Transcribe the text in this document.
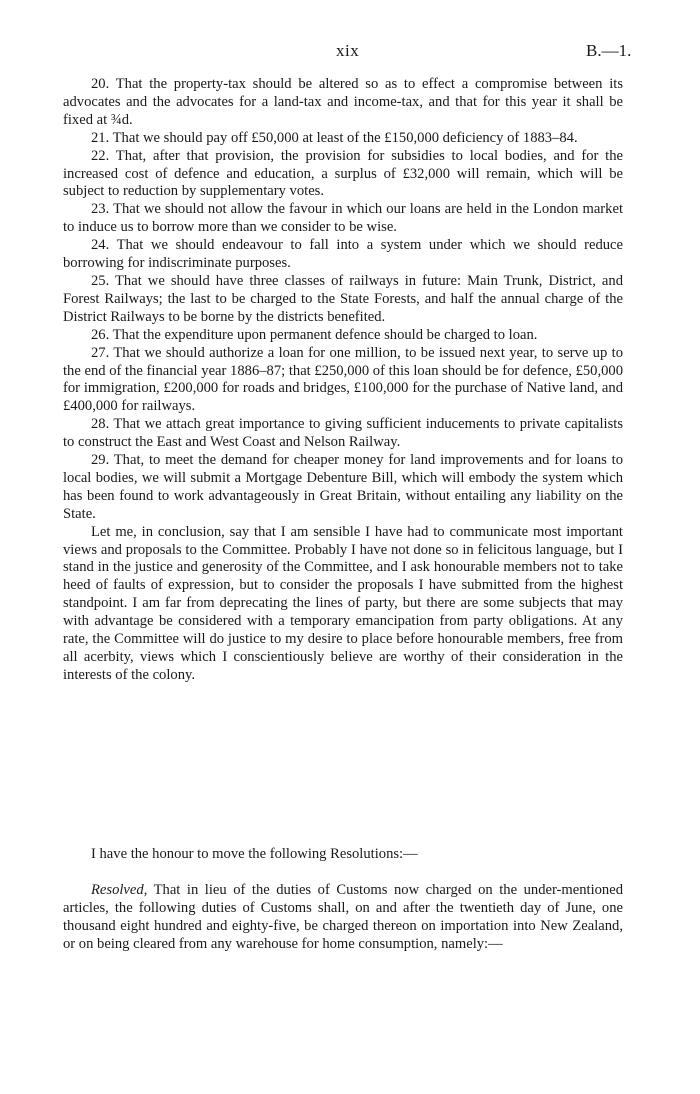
xix	B.—1.

20. That the property-tax should be altered so as to effect a compromise between its advocates and the advocates for a land-tax and income-tax, and that for this year it shall be fixed at ¾d.

21. That we should pay off £50,000 at least of the £150,000 deficiency of 1883–84.

22. That, after that provision, the provision for subsidies to local bodies, and for the increased cost of defence and education, a surplus of £32,000 will remain, which will be subject to reduction by supplementary votes.

23. That we should not allow the favour in which our loans are held in the London market to induce us to borrow more than we consider to be wise.

24. That we should endeavour to fall into a system under which we should reduce borrowing for indiscriminate purposes.

25. That we should have three classes of railways in future: Main Trunk, District, and Forest Railways; the last to be charged to the State Forests, and half the annual charge of the District Railways to be borne by the districts benefited.

26. That the expenditure upon permanent defence should be charged to loan.

27. That we should authorize a loan for one million, to be issued next year, to serve up to the end of the financial year 1886–87; that £250,000 of this loan should be for defence, £50,000 for immigration, £200,000 for roads and bridges, £100,000 for the purchase of Native land, and £400,000 for railways.

28. That we attach great importance to giving sufficient inducements to private capitalists to construct the East and West Coast and Nelson Railway.

29. That, to meet the demand for cheaper money for land improvements and for loans to local bodies, we will submit a Mortgage Debenture Bill, which will embody the system which has been found to work advantageously in Great Britain, without entailing any liability on the State.

Let me, in conclusion, say that I am sensible I have had to communicate most important views and proposals to the Committee. Probably I have not done so in felicitous language, but I stand in the justice and generosity of the Committee, and I ask honourable members not to take heed of faults of expression, but to consider the proposals I have submitted from the highest standpoint. I am far from deprecating the lines of party, but there are some subjects that may with advantage be considered with a temporary emancipation from party obligations. At any rate, the Committee will do justice to my desire to place before honourable members, free from all acerbity, views which I conscientiously believe are worthy of their consideration in the interests of the colony.

I have the honour to move the following Resolutions:—

Resolved, That in lieu of the duties of Customs now charged on the under-mentioned articles, the following duties of Customs shall, on and after the twentieth day of June, one thousand eight hundred and eighty-five, be charged thereon on importation into New Zealand, or on being cleared from any warehouse for home consumption, namely:—
